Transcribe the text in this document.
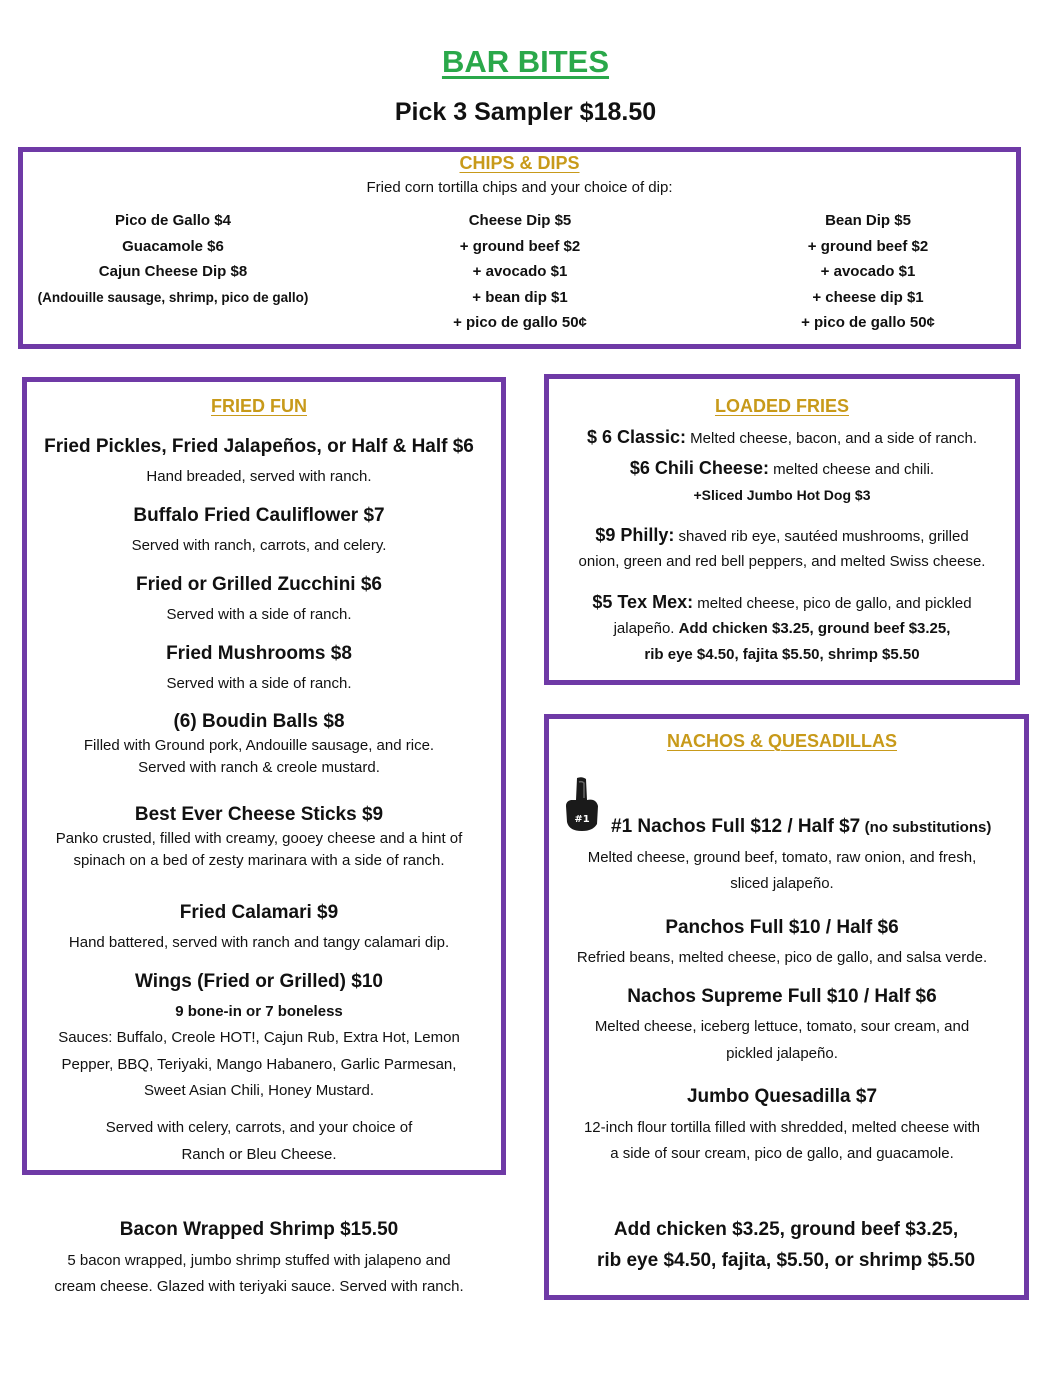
BAR BITES
Pick 3 Sampler $18.50
CHIPS & DIPS
Fried corn tortilla chips and your choice of dip:
Pico de Gallo $4
Guacamole $6
Cajun Cheese Dip $8
(Andouille sausage, shrimp, pico de gallo)
Cheese Dip $5
+ ground beef $2
+ avocado $1
+ bean dip $1
+ pico de gallo 50¢
Bean Dip $5
+ ground beef $2
+ avocado $1
+ cheese dip $1
+ pico de gallo 50¢
FRIED FUN
Fried Pickles, Fried Jalapeños, or Half & Half $6
Hand breaded, served with ranch.
Buffalo Fried Cauliflower $7
Served with ranch, carrots, and celery.
Fried or Grilled Zucchini $6
Served with a side of ranch.
Fried Mushrooms $8
Served with a side of ranch.
(6) Boudin Balls $8
Filled with Ground pork, Andouille sausage, and rice.
Served with ranch & creole mustard.
Best Ever Cheese Sticks $9
Panko crusted, filled with creamy, gooey cheese and a hint of
spinach on a bed of zesty marinara with a side of ranch.
Fried Calamari $9
Hand battered, served with ranch and tangy calamari dip.
Wings (Fried or Grilled) $10
9 bone-in or 7 boneless
Sauces: Buffalo, Creole HOT!, Cajun Rub, Extra Hot, Lemon
Pepper, BBQ, Teriyaki, Mango Habanero, Garlic Parmesan,
Sweet Asian Chili, Honey Mustard.
Served with celery, carrots, and your choice of
Ranch or Bleu Cheese.
Bacon Wrapped Shrimp $15.50
5 bacon wrapped, jumbo shrimp stuffed with jalapeno and
cream cheese. Glazed with teriyaki sauce. Served with ranch.
LOADED FRIES
$ 6 Classic: Melted cheese, bacon, and a side of ranch.
$6 Chili Cheese: melted cheese and chili.
+Sliced Jumbo Hot Dog $3
$9 Philly: shaved rib eye, sautéed mushrooms, grilled
onion, green and red bell peppers, and melted Swiss cheese.
$5 Tex Mex: melted cheese, pico de gallo, and pickled
jalapeño. Add chicken $3.25, ground beef $3.25,
rib eye $4.50, fajita $5.50, shrimp $5.50
NACHOS & QUESADILLAS
#1 #1 Nachos Full $12 / Half $7 (no substitutions)
Melted cheese, ground beef, tomato, raw onion, and fresh,
sliced jalapeño.
Panchos Full $10 / Half $6
Refried beans, melted cheese, pico de gallo, and salsa verde.
Nachos Supreme Full $10 / Half $6
Melted cheese, iceberg lettuce, tomato, sour cream, and
pickled jalapeño.
Jumbo Quesadilla $7
12-inch flour tortilla filled with shredded, melted cheese with
a side of sour cream, pico de gallo, and guacamole.
Add chicken $3.25, ground beef $3.25,
rib eye $4.50, fajita, $5.50, or shrimp $5.50
